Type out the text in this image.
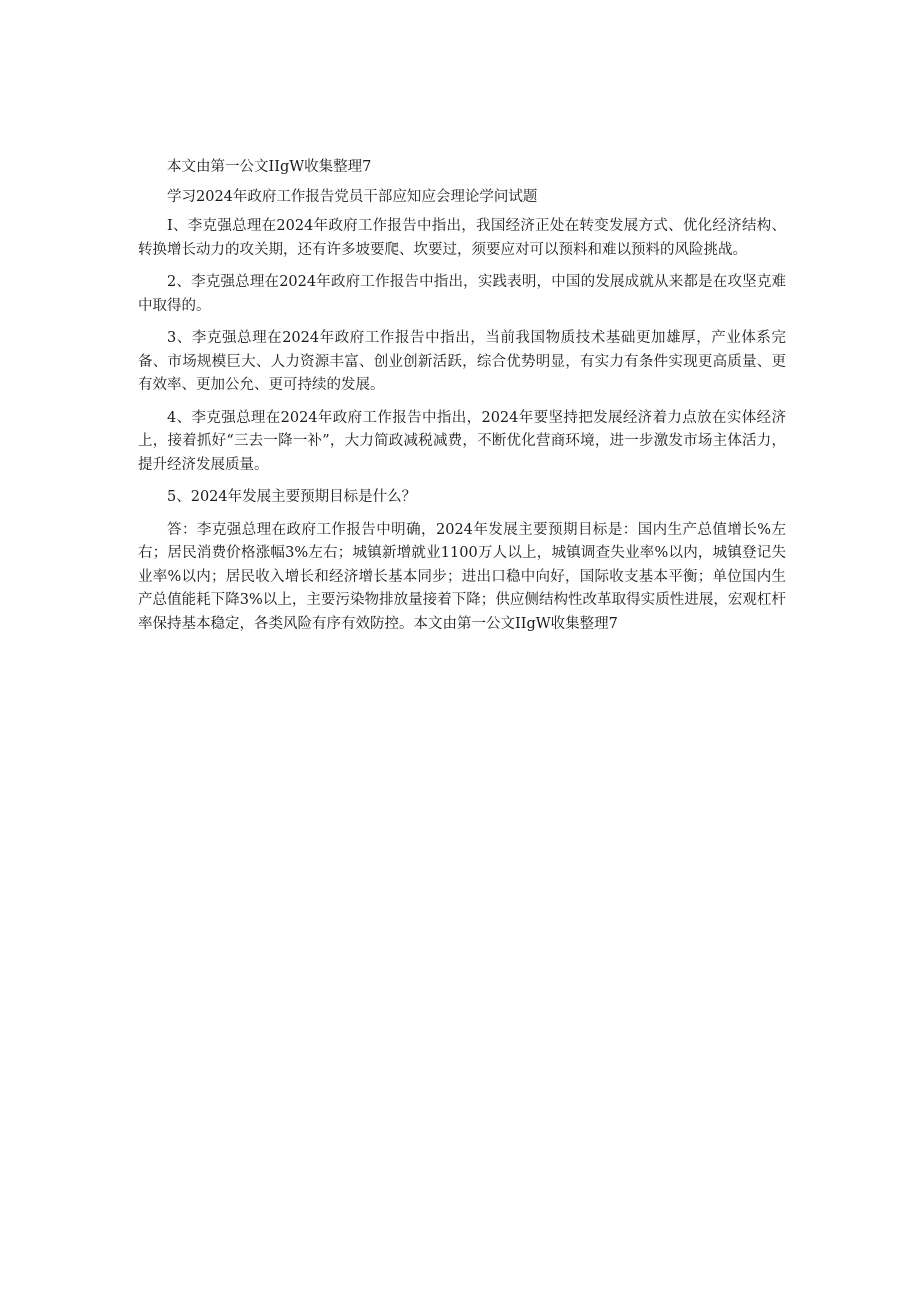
本文由第一公文IIgW收集整理7

学习2024年政府工作报告党员干部应知应会理论学问试题

I、李克强总理在2024年政府工作报告中指出，我国经济正处在转变发展方式、优化经济结构、转换增长动力的攻关期，还有许多坡要爬、坎要过，须要应对可以预料和难以预料的风险挑战。

2、李克强总理在2024年政府工作报告中指出，实践表明，中国的发展成就从来都是在攻坚克难中取得的。

3、李克强总理在2024年政府工作报告中指出，当前我国物质技术基础更加雄厚，产业体系完备、市场规模巨大、人力资源丰富、创业创新活跃，综合优势明显，有实力有条件实现更高质量、更有效率、更加公允、更可持续的发展。

4、李克强总理在2024年政府工作报告中指出，2024年要坚持把发展经济着力点放在实体经济上，接着抓好“三去一降一补”，大力简政减税减费，不断优化营商环境，进一步激发市场主体活力，提升经济发展质量。

5、2024年发展主要预期目标是什么？

答：李克强总理在政府工作报告中明确，2024年发展主要预期目标是：国内生产总值增长%左右；居民消费价格涨幅3%左右；城镇新增就业1100万人以上，城镇调查失业率%以内，城镇登记失业率%以内；居民收入增长和经济增长基本同步；进出口稳中向好，国际收支基本平衡；单位国内生产总值能耗下降3%以上，主要污染物排放量接着下降；供应侧结构性改革取得实质性进展，宏观杠杆率保持基本稳定，各类风险有序有效防控。本文由第一公文IIgW收集整理7
